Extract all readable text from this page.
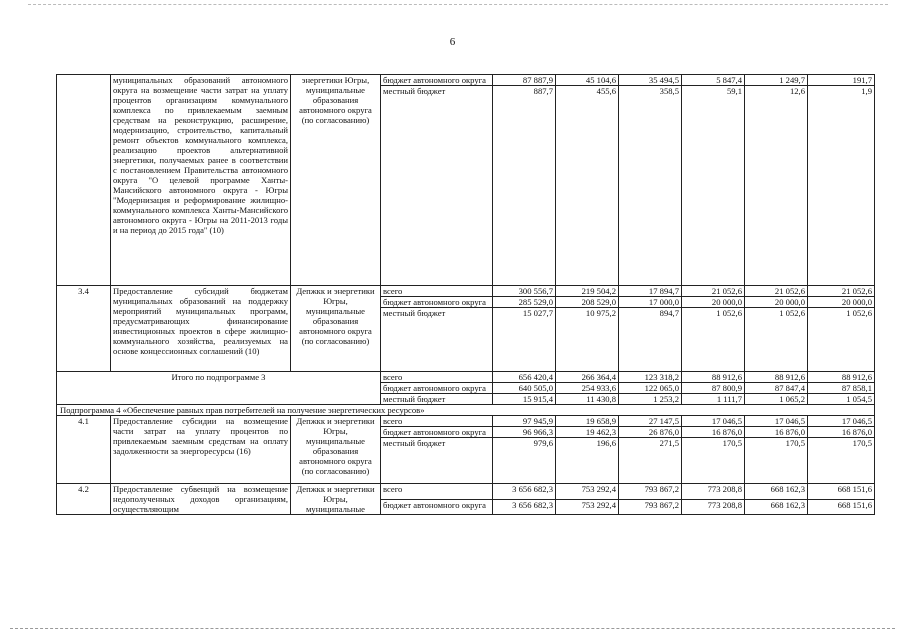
6
	муниципальных образований автономного округа на возмещение части затрат на уплату процентов организациям коммунального комплекса по привлекаемым заемным средствам на реконструкцию, расширение, модернизацию, строительство, капитальный ремонт объектов коммунального комплекса, реализацию проектов альтернативной энергетики, получаемых ранее в соответствии с постановлением Правительства автономного округа "О целевой программе Ханты-Мансийского автономного округа - Югры "Модернизация и реформирование жилищно-коммунального комплекса Ханты-Мансийского автономного округа - Югры на 2011-2013 годы и на период до 2015 года" (10)	энергетики Югры, муниципальные образования автономного округа (по согласованию)	бюджет автономного округа	87 887,9	45 104,6	35 494,5	5 847,4	1 249,7	191,7
			местный бюджет	887,7	455,6	358,5	59,1	12,6	1,9
3.4	Предоставление субсидий бюджетам муниципальных образований на поддержку мероприятий муниципальных программ, предусматривающих финансирование инвестиционных проектов в сфере жилищно-коммунального хозяйства, реализуемых на основе концессионных соглашений (10)	Депжкк и энергетики Югры, муниципальные образования автономного округа (по согласованию)	всего	300 556,7	219 504,2	17 894,7	21 052,6	21 052,6	21 052,6
			бюджет автономного округа	285 529,0	208 529,0	17 000,0	20 000,0	20 000,0	20 000,0
			местный бюджет	15 027,7	10 975,2	894,7	1 052,6	1 052,6	1 052,6
Итого по подпрограмме 3			всего	656 420,4	266 364,4	123 318,2	88 912,6	88 912,6	88 912,6
			бюджет автономного округа	640 505,0	254 933,6	122 065,0	87 800,9	87 847,4	87 858,1
			местный бюджет	15 915,4	11 430,8	1 253,2	1 111,7	1 065,2	1 054,5
Подпрограмма 4 «Обеспечение равных прав потребителей на получение энергетических ресурсов»									
4.1	Предоставление субсидии на возмещение части затрат на уплату процентов по привлекаемым заемным средствам на оплату задолженности за энергоресурсы (16)	Депжкк и энергетики Югры, муниципальные образования автономного округа (по согласованию)	всего	97 945,9	19 658,9	27 147,5	17 046,5	17 046,5	17 046,5
			бюджет автономного округа	96 966,3	19 462,3	26 876,0	16 876,0	16 876,0	16 876,0
			местный бюджет	979,6	196,6	271,5	170,5	170,5	170,5
4.2	Предоставление субвенций на возмещение недополученных доходов организациям, осуществляющим	Депжкк и энергетики Югры, муниципальные	всего	3 656 682,3	753 292,4	793 867,2	773 208,8	668 162,3	668 151,6
			бюджет автономного округа	3 656 682,3	753 292,4	793 867,2	773 208,8	668 162,3	668 151,6
